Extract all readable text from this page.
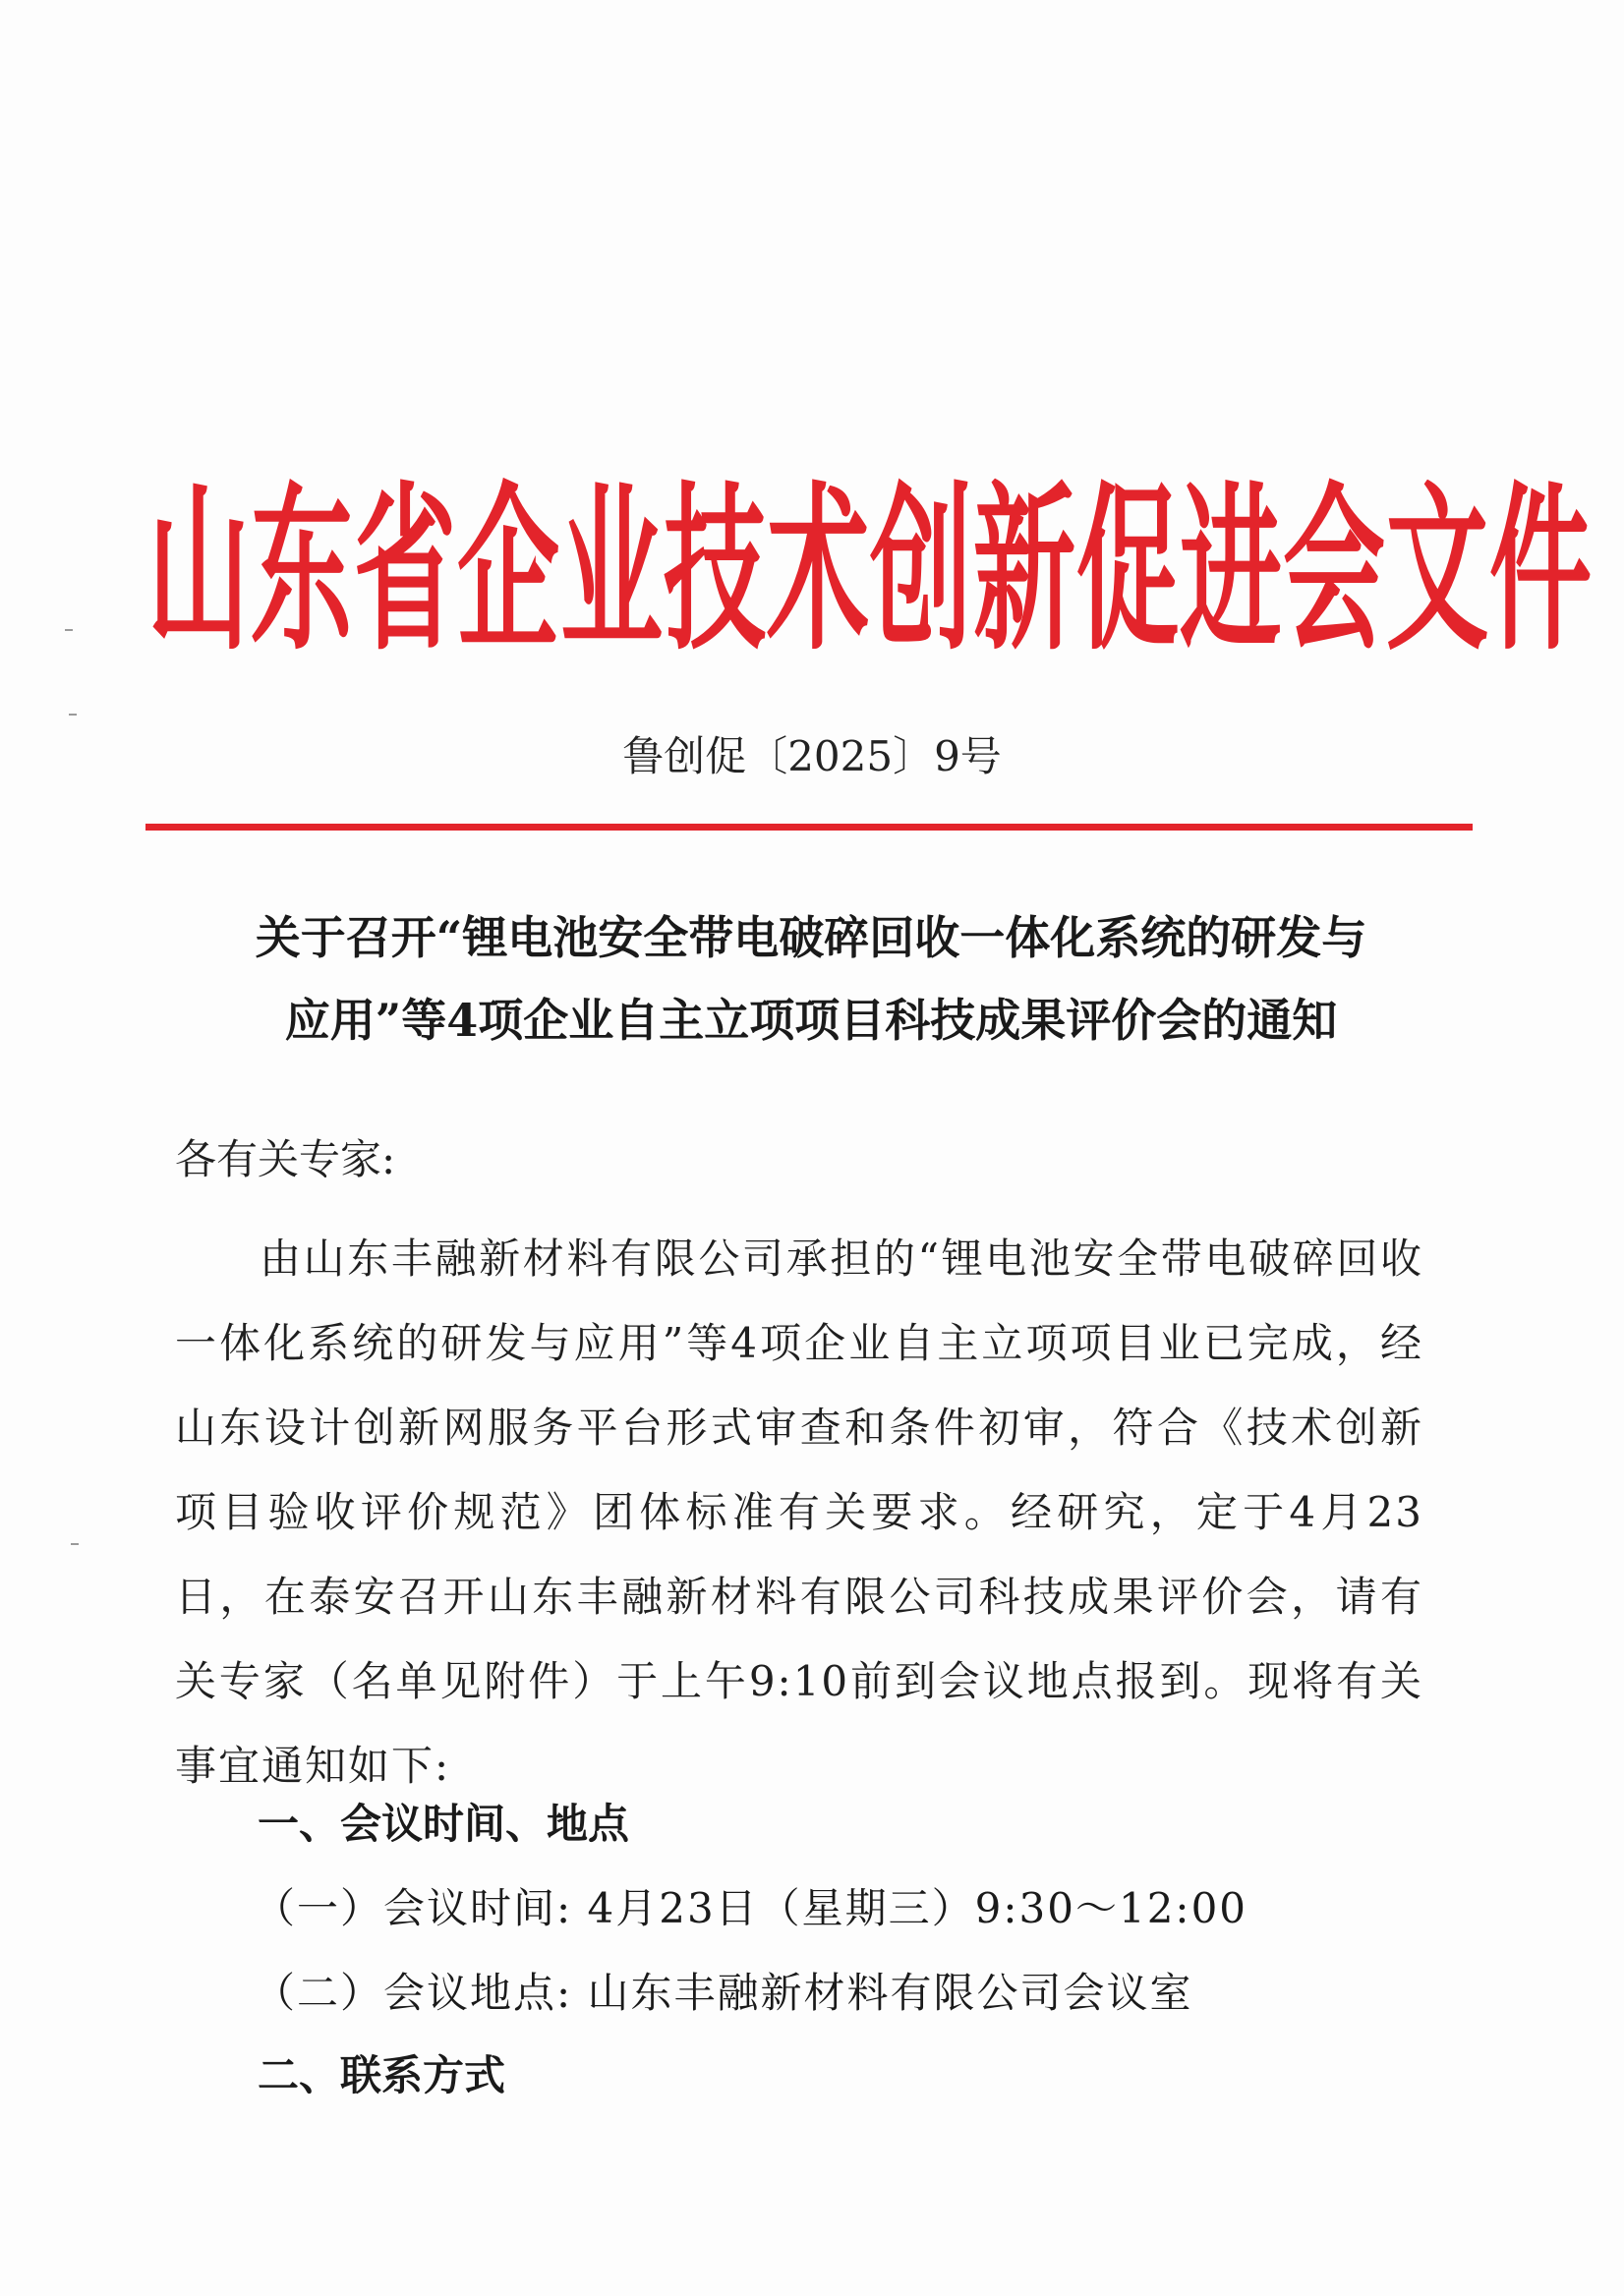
山东省企业技术创新促进会文件
鲁创促〔2025〕9号
关于召开“锂电池安全带电破碎回收一体化系统的研发与
应用”等4项企业自主立项项目科技成果评价会的通知

各有关专家:

由山东丰融新材料有限公司承担的“锂电池安全带电破碎回收一体化系统的研发与应用”等4项企业自主立项项目业已完成，经山东设计创新网服务平台形式审查和条件初审，符合《技术创新项目验收评价规范》团体标准有关要求。经研究，定于4月23日，在泰安召开山东丰融新材料有限公司科技成果评价会，请有关专家（名单见附件）于上午9:10前到会议地点报到。现将有关事宜通知如下:

一、会议时间、地点
（一）会议时间: 4月23日（星期三）9:30～12:00
（二）会议地点: 山东丰融新材料有限公司会议室
二、联系方式
